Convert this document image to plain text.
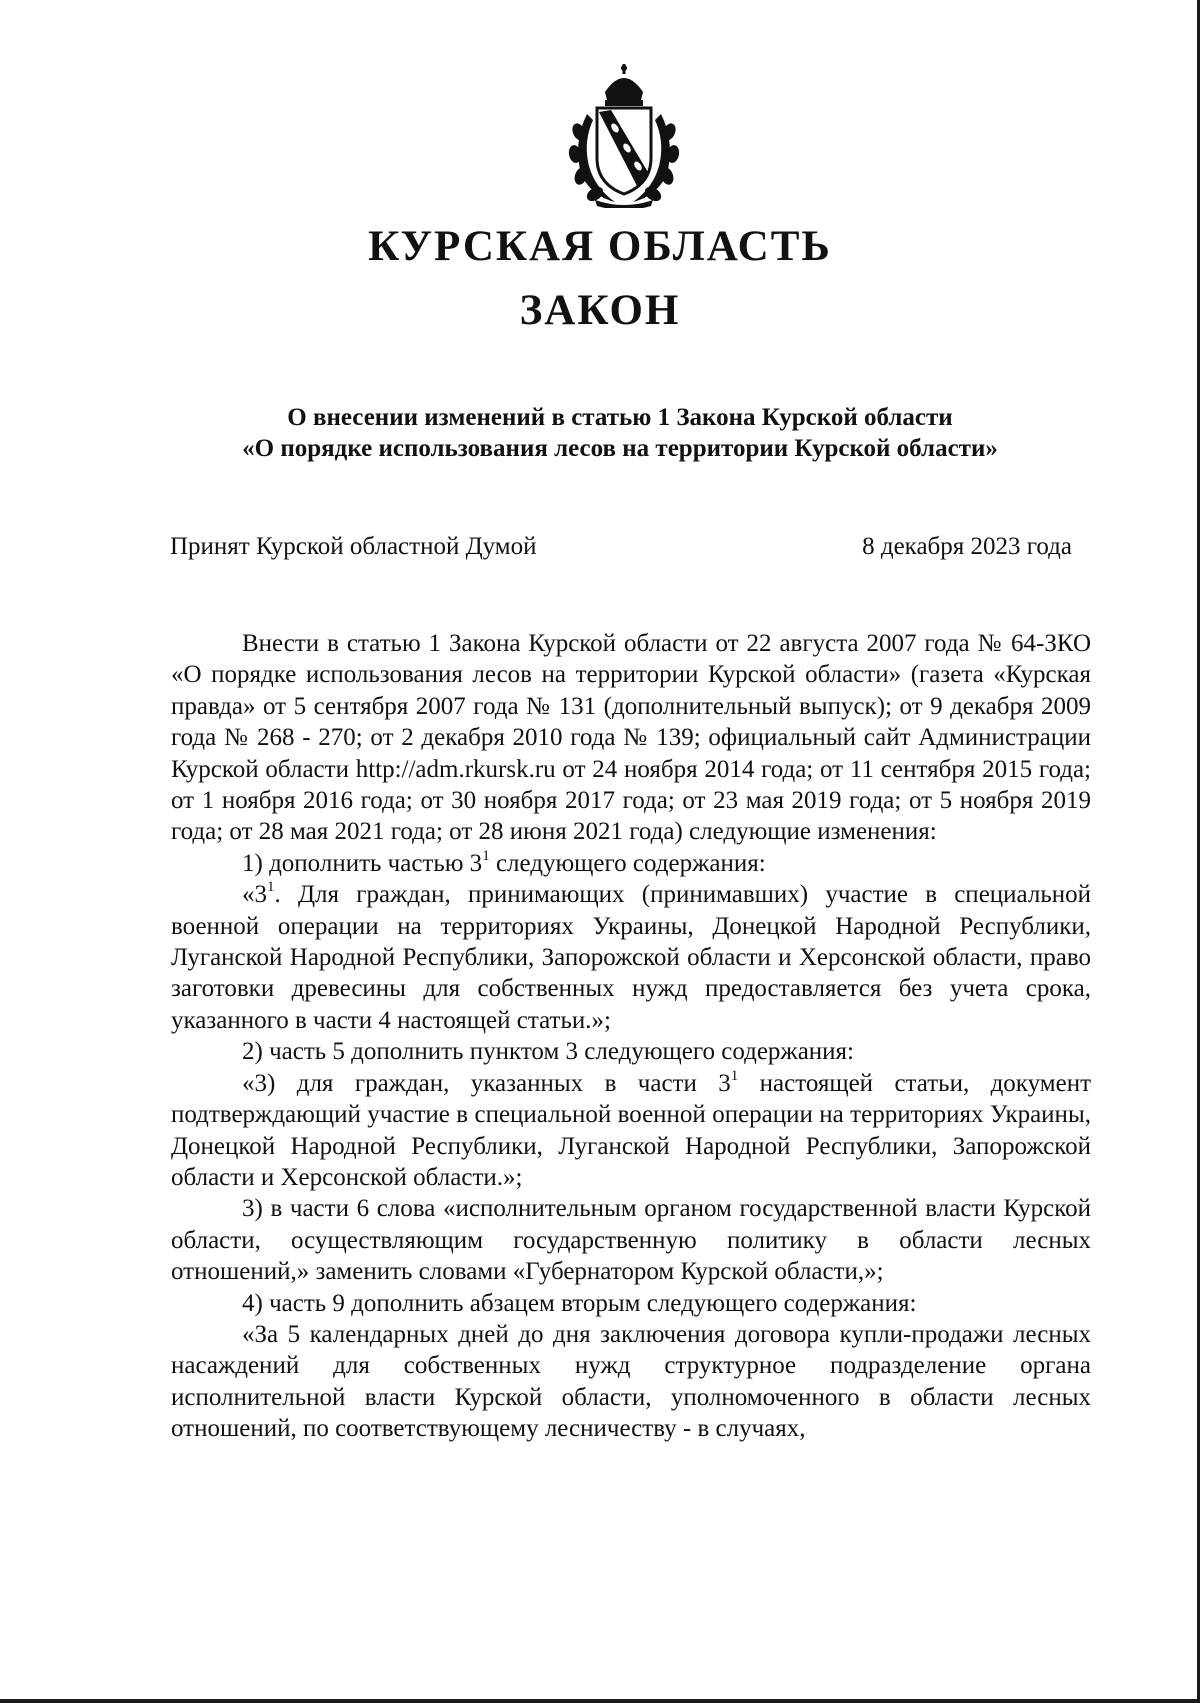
КУРСКАЯ ОБЛАСТЬ
ЗАКОН
О внесении изменений в статью 1 Закона Курской области
«О порядке использования лесов на территории Курской области»
Принят Курской областной Думой	8 декабря 2023 года

Внести в статью 1 Закона Курской области от 22 августа 2007 года № 64-ЗКО «О порядке использования лесов на территории Курской области» (газета «Курская правда» от 5 сентября 2007 года № 131 (дополнительный выпуск); от 9 декабря 2009 года № 268 - 270; от 2 декабря 2010 года № 139; официальный сайт Администрации Курской области http://adm.rkursk.ru от 24 ноября 2014 года; от 11 сентября 2015 года; от 1 ноября 2016 года; от 30 ноября 2017 года; от 23 мая 2019 года; от 5 ноября 2019 года; от 28 мая 2021 года; от 28 июня 2021 года) следующие изменения:

1) дополнить частью $3^1$ следующего содержания:

«$3^1$. Для граждан, принимающих (принимавших) участие в специальной военной операции на территориях Украины, Донецкой Народной Республики, Луганской Народной Республики, Запорожской области и Херсонской области, право заготовки древесины для собственных нужд предоставляется без учета срока, указанного в части 4 настоящей статьи.»;

2) часть 5 дополнить пунктом 3 следующего содержания:

«3) для граждан, указанных в части $3^1$ настоящей статьи, документ подтверждающий участие в специальной военной операции на территориях Украины, Донецкой Народной Республики, Луганской Народной Республики, Запорожской области и Херсонской области.»;

3) в части 6 слова «исполнительным органом государственной власти Курской области, осуществляющим государственную политику в области лесных отношений,» заменить словами «Губернатором Курской области,»;

4) часть 9 дополнить абзацем вторым следующего содержания:

«За 5 календарных дней до дня заключения договора купли-продажи лесных насаждений для собственных нужд структурное подразделение органа исполнительной власти Курской области, уполномоченного в области лесных отношений, по соответствующему лесничеству - в случаях,
